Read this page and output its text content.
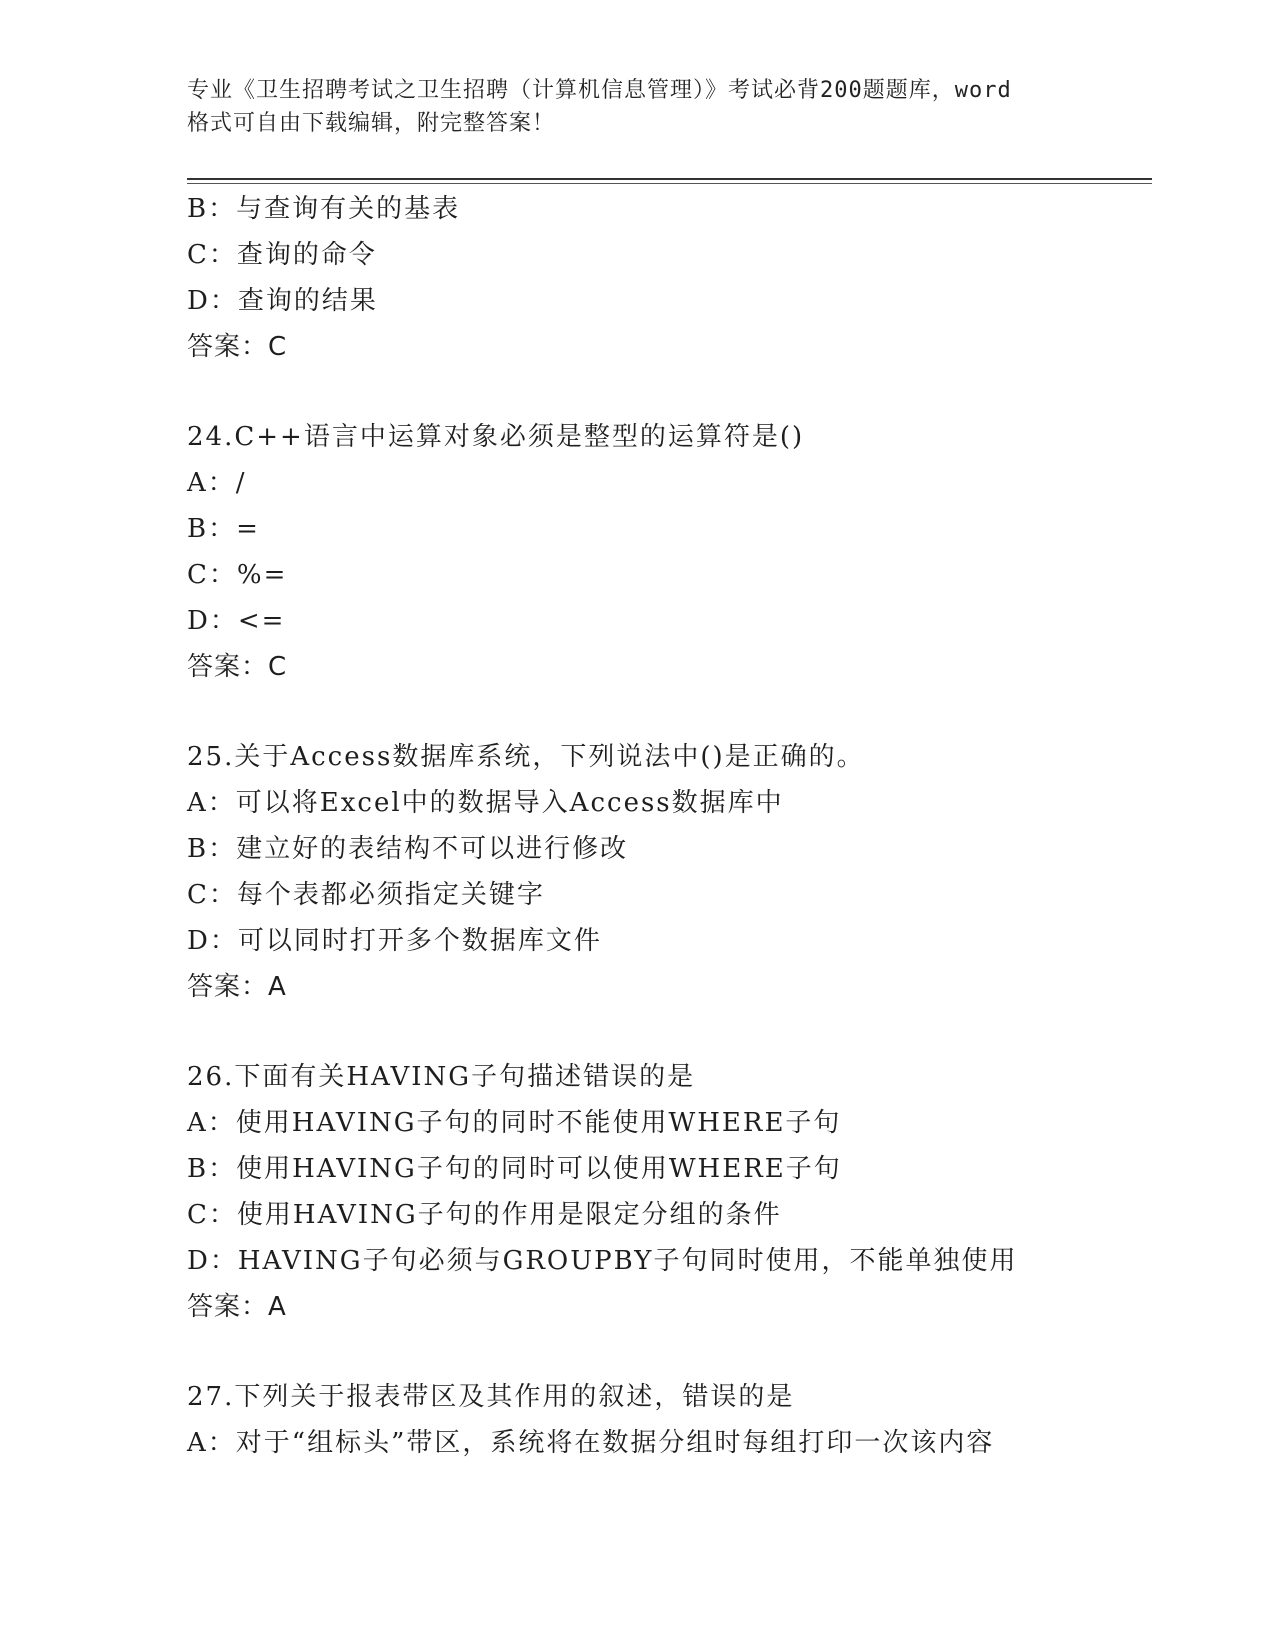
专业《卫生招聘考试之卫生招聘（计算机信息管理）》考试必背200题题库，word
格式可自由下载编辑，附完整答案！
B：与查询有关的基表
C：查询的命令
D：查询的结果
答案：C
24.C++语言中运算对象必须是整型的运算符是()
A：/
B：=
C：%=
D：<=
答案：C
25.关于Access数据库系统，下列说法中()是正确的。
A：可以将Excel中的数据导入Access数据库中
B：建立好的表结构不可以进行修改
C：每个表都必须指定关键字
D：可以同时打开多个数据库文件
答案：A
26.下面有关HAVING子句描述错误的是
A：使用HAVING子句的同时不能使用WHERE子句
B：使用HAVING子句的同时可以使用WHERE子句
C：使用HAVING子句的作用是限定分组的条件
D：HAVING子句必须与GROUPBY子句同时使用，不能单独使用
答案：A
27.下列关于报表带区及其作用的叙述，错误的是
A：对于“组标头”带区，系统将在数据分组时每组打印一次该内容
